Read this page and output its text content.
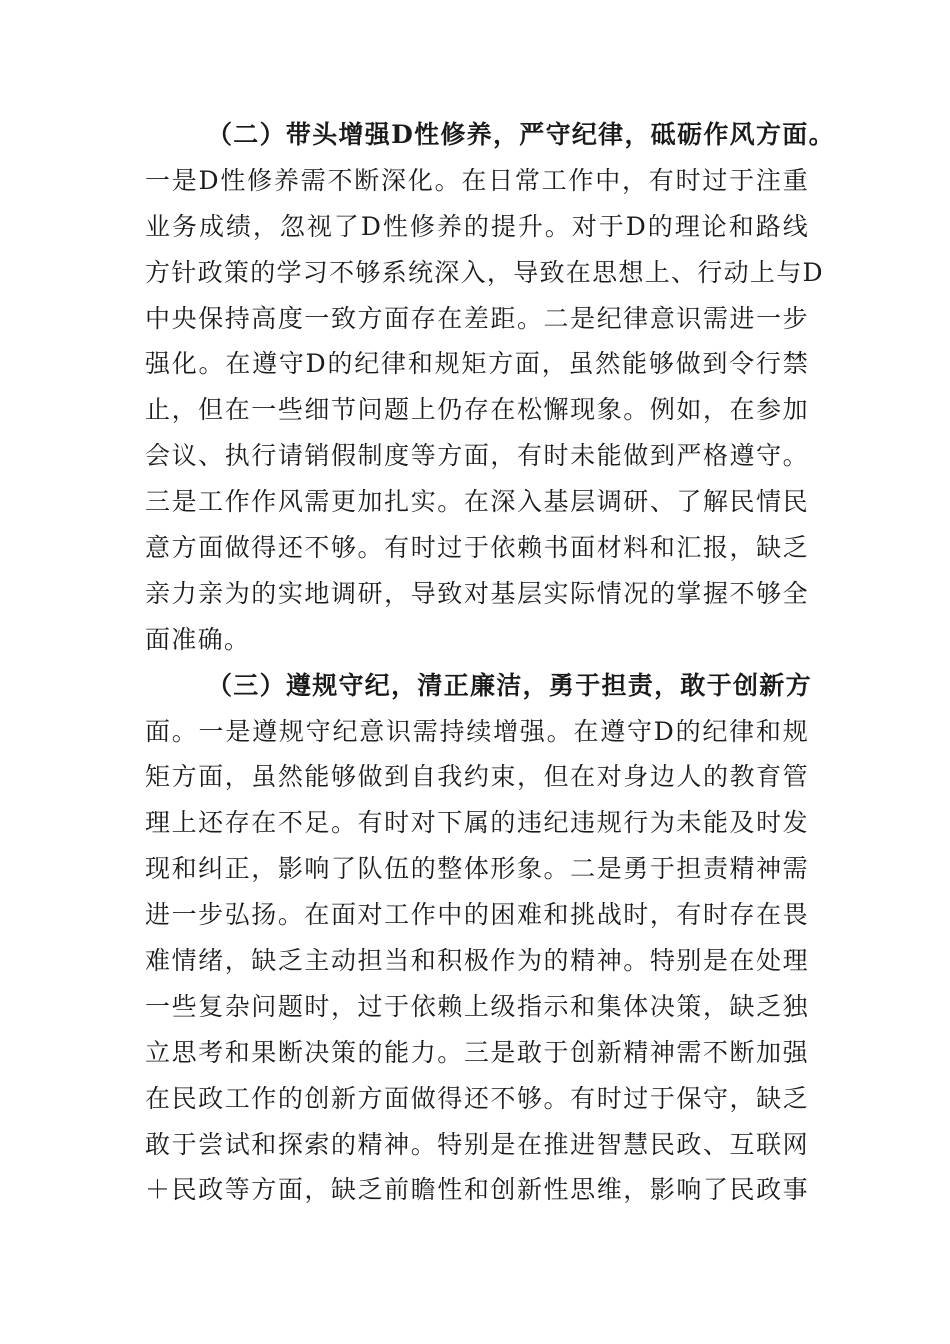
（二）带头增强D性修养，严守纪律，砥砺作风方面。
一是D性修养需不断深化。在日常工作中，有时过于注重
业务成绩，忽视了D性修养的提升。对于D的理论和路线
方针政策的学习不够系统深入，导致在思想上、行动上与D
中央保持高度一致方面存在差距。二是纪律意识需进一步
强化。在遵守D的纪律和规矩方面，虽然能够做到令行禁
止，但在一些细节问题上仍存在松懈现象。例如，在参加
会议、执行请销假制度等方面，有时未能做到严格遵守。
三是工作作风需更加扎实。在深入基层调研、了解民情民
意方面做得还不够。有时过于依赖书面材料和汇报，缺乏
亲力亲为的实地调研，导致对基层实际情况的掌握不够全
面准确。
（三）遵规守纪，清正廉洁，勇于担责，敢于创新方
面。一是遵规守纪意识需持续增强。在遵守D的纪律和规
矩方面，虽然能够做到自我约束，但在对身边人的教育管
理上还存在不足。有时对下属的违纪违规行为未能及时发
现和纠正，影响了队伍的整体形象。二是勇于担责精神需
进一步弘扬。在面对工作中的困难和挑战时，有时存在畏
难情绪，缺乏主动担当和积极作为的精神。特别是在处理
一些复杂问题时，过于依赖上级指示和集体决策，缺乏独
立思考和果断决策的能力。三是敢于创新精神需不断加强
在民政工作的创新方面做得还不够。有时过于保守，缺乏
敢于尝试和探索的精神。特别是在推进智慧民政、互联网
＋民政等方面，缺乏前瞻性和创新性思维，影响了民政事
